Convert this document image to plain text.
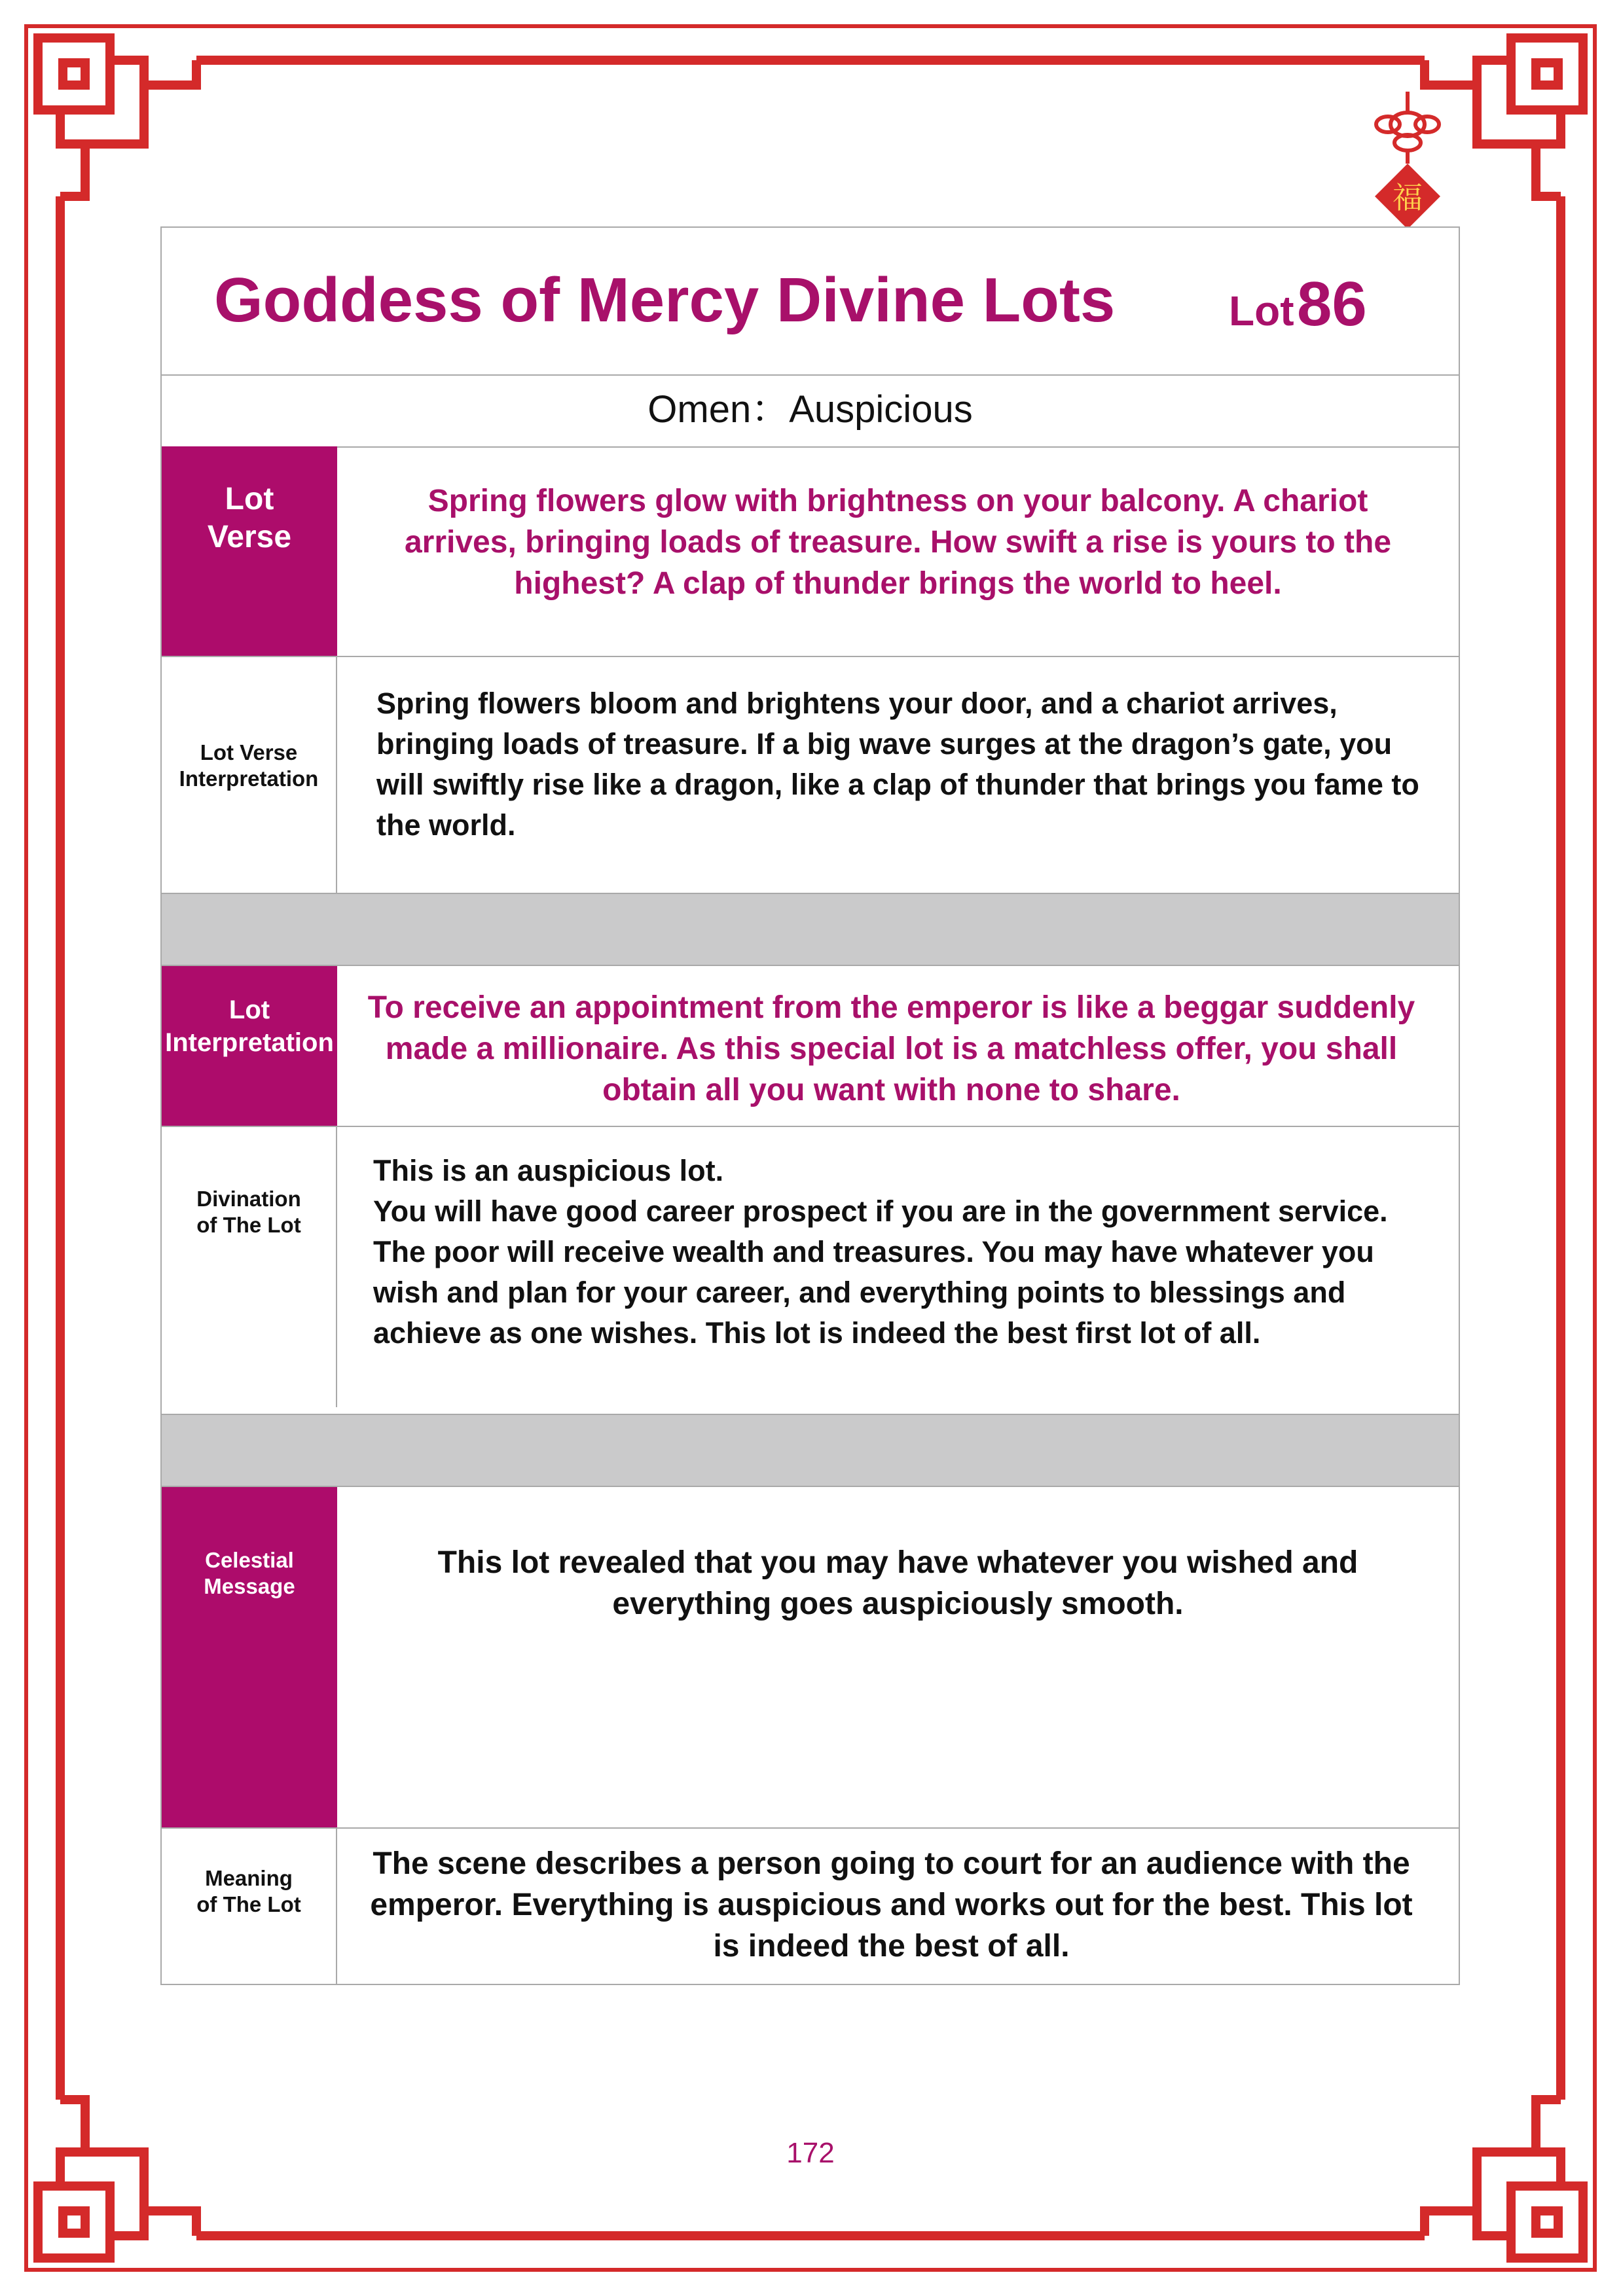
福
Goddess of Mercy Divine Lots	Lot 86
Omen：Auspicious
Lot
Verse
Spring flowers glow with brightness on your balcony. A chariot arrives, bringing loads of treasure. How swift a rise is yours to the highest? A clap of thunder brings the world to heel.
Lot Verse
Interpretation
Spring flowers bloom and brightens your door, and a chariot arrives, bringing loads of treasure. If a big wave surges at the dragon’s gate, you will swiftly rise like a dragon, like a clap of thunder that brings you fame to the world.
Lot
Interpretation
To receive an appointment from the emperor is like a beggar suddenly made a millionaire. As this special lot is a matchless offer, you shall obtain all you want with none to share.
Divination
of The Lot
This is an auspicious lot.
You will have good career prospect if you are in the government service. The poor will receive wealth and treasures. You may have whatever you wish and plan for your career, and everything points to blessings and achieve as one wishes. This lot is indeed the best first lot of all.
Celestial
Message
This lot revealed that you may have whatever you wished and everything goes auspiciously smooth.
Meaning
of The Lot
The scene describes a person going to court for an audience with the emperor. Everything is auspicious and works out for the best. This lot is indeed the best of all.
172
